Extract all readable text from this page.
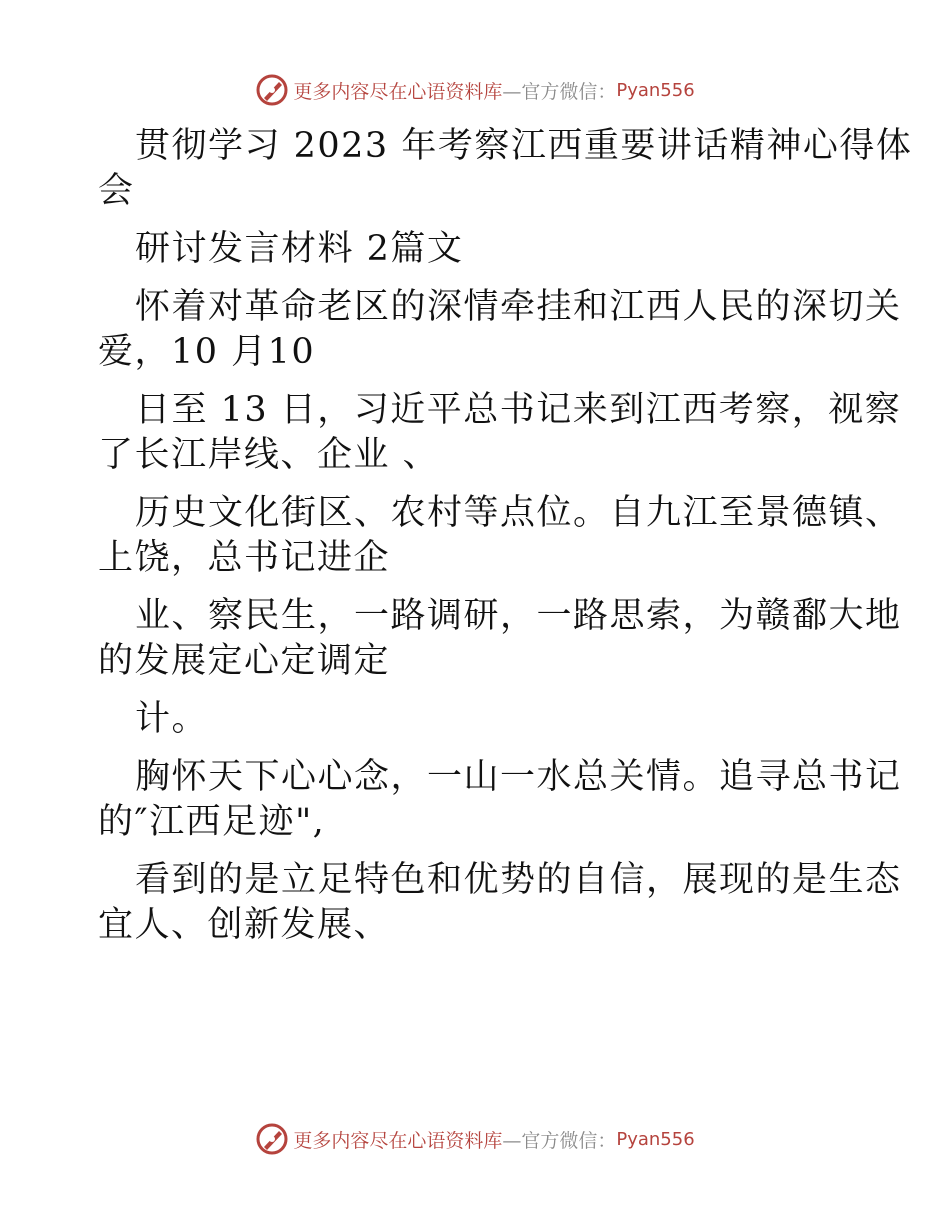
更多内容尽在心语资料库 —官方微信： Pyan556
贯彻学习 2023 年考察江西重要讲话精神心得体
会
研讨发言材料 2篇文
怀着对革命老区的深情牵挂和江西人民的深切关
爱，10 月10
日至 13 日，习近平总书记来到江西考察，视察
了长江岸线、企业 、
历史文化街区、农村等点位。自九江至景德镇、
上饶，总书记进企
业、察民生，一路调研，一路思索，为赣鄱大地
的发展定心定调定
计。
胸怀天下心心念，一山一水总关情。追寻总书记
的″江西足迹",
看到的是立足特色和优势的自信，展现的是生态
宜人、创新发展、
更多内容尽在心语资料库 —官方微信： Pyan556
